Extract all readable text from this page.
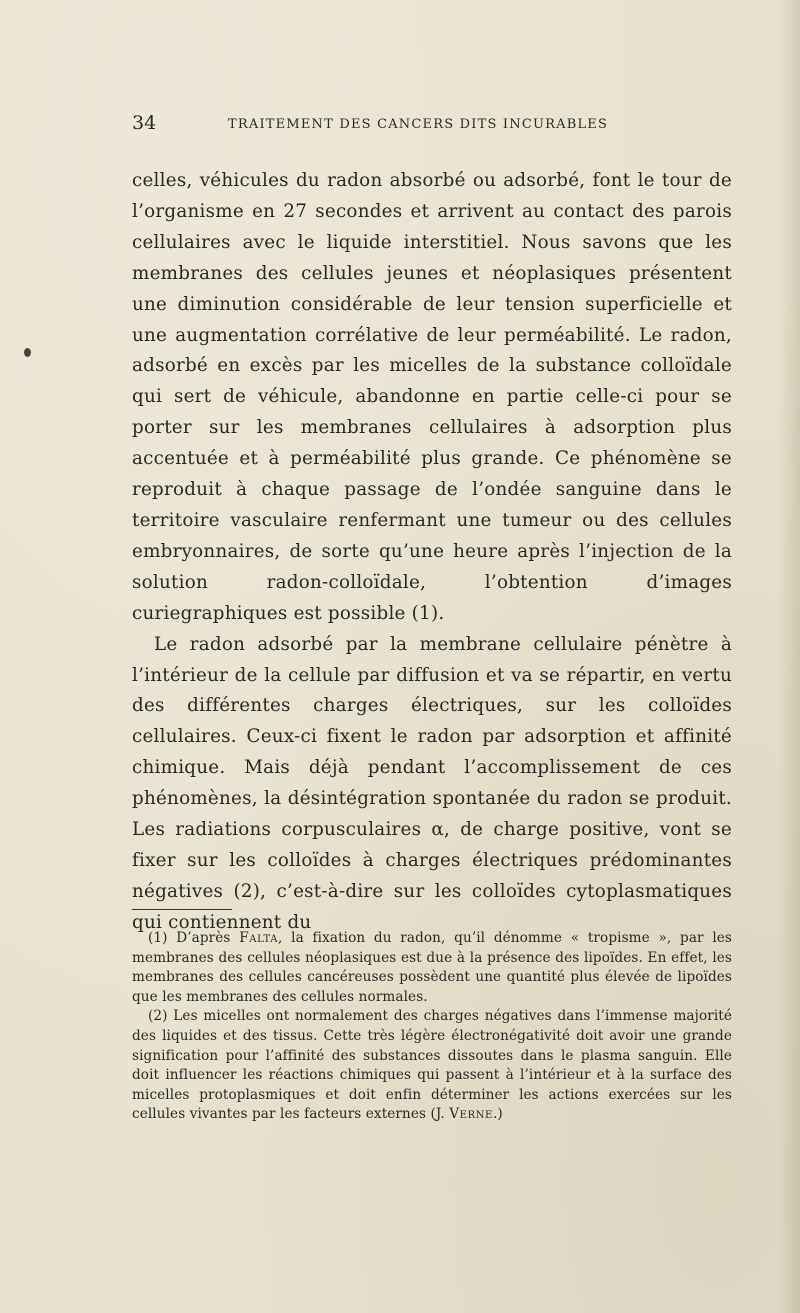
34	TRAITEMENT DES CANCERS DITS INCURABLES

celles, véhicules du radon absorbé ou adsorbé, font le tour de l’organisme en 27 secondes et arrivent au contact des parois cellulaires avec le liquide interstitiel. Nous savons que les membranes des cellules jeunes et néoplasiques présentent une diminution considérable de leur tension superficielle et une augmentation corrélative de leur perméabilité. Le radon, adsorbé en excès par les micelles de la substance colloïdale qui sert de véhicule, abandonne en partie celle-ci pour se porter sur les membranes cellulaires à adsorption plus accentuée et à perméabilité plus grande. Ce phénomène se reproduit à chaque passage de l’ondée sanguine dans le territoire vasculaire renfermant une tumeur ou des cellules embryonnaires, de sorte qu’une heure après l’injection de la solution radon-colloïdale, l’obtention d’images curiegraphiques est possible (1).

Le radon adsorbé par la membrane cellulaire pénètre à l’intérieur de la cellule par diffusion et va se répartir, en vertu des différentes charges électriques, sur les colloïdes cellulaires. Ceux-ci fixent le radon par adsorption et affinité chimique. Mais déjà pendant l’accomplissement de ces phénomènes, la désintégration spontanée du radon se produit. Les radiations corpusculaires α, de charge positive, vont se fixer sur les colloïdes à charges électriques prédominantes négatives (2), c’est-à-dire sur les colloïdes cytoplasmatiques qui contiennent du

(1) D’après Falta, la fixation du radon, qu’il dénomme « tropisme », par les membranes des cellules néoplasiques est due à la présence des lipoïdes. En effet, les membranes des cellules cancéreuses possèdent une quantité plus élevée de lipoïdes que les membranes des cellules normales.

(2) Les micelles ont normalement des charges négatives dans l’immense majorité des liquides et des tissus. Cette très légère électronégativité doit avoir une grande signification pour l’affinité des substances dissoutes dans le plasma sanguin. Elle doit influencer les réactions chimiques qui passent à l’intérieur et à la surface des micelles protoplasmiques et doit enfin déterminer les actions exercées sur les cellules vivantes par les facteurs externes (J. Verne.)
